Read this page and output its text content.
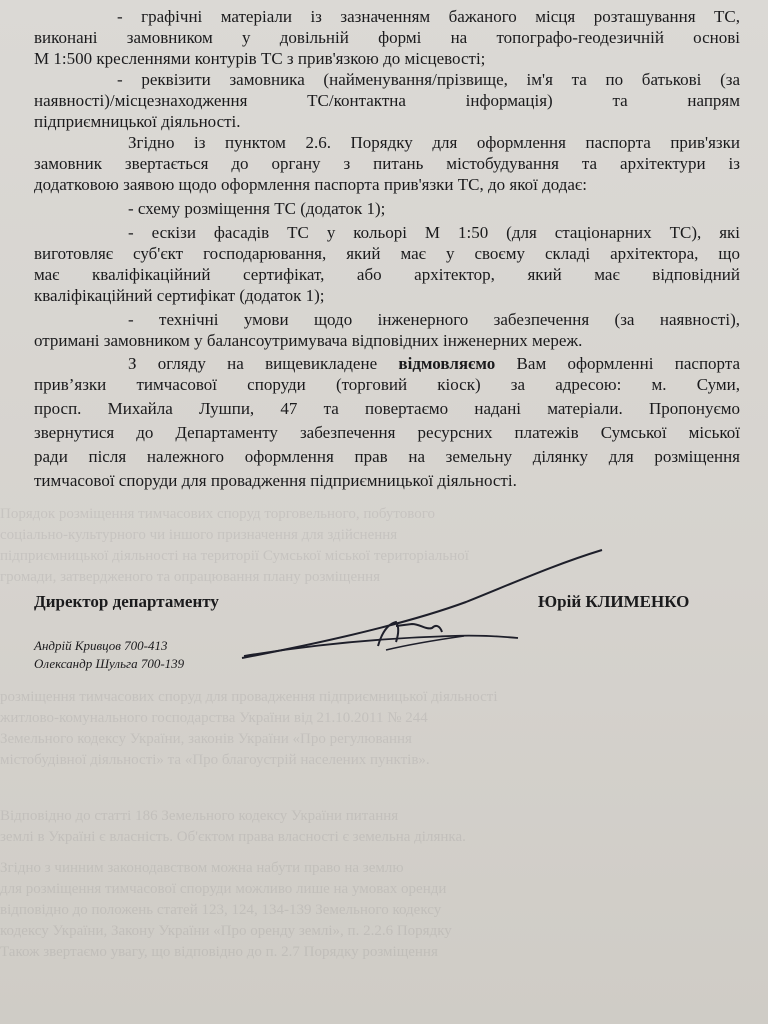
Порядок розміщення тимчасових споруд торговельного, побутового
соціально-культурного чи іншого призначення для здійснення
підприємницької діяльності на території Сумської міської територіальної
громади, затвердженого та опрацювання плану розміщення
розміщення тимчасових споруд для провадження підприємницької діяльності
житлово-комунального господарства України від 21.10.2011 № 244
Земельного кодексу України, законів України «Про регулювання
містобудівної діяльності» та «Про благоустрій населених пунктів».
Відповідно до статті 186 Земельного кодексу України питання
землі в Україні є власність. Об'єктом права власності є земельна ділянка.
Згідно з чинним законодавством можна набути право на землю
для розміщення тимчасової споруди можливо лише на умовах оренди
відповідно до положень статей 123, 124, 134-139 Земельного кодексу
кодексу України, Закону України «Про оренду землі», п. 2.2.6 Порядку
Також звертаємо увагу, що відповідно до п. 2.7 Порядку розміщення
- графічні матеріали із зазначенням бажаного місця розташування ТС,
виконані замовником у довільній формі на топографо-геодезичній основі
М 1:500 кресленнями контурів ТС з прив'язкою до місцевості;
- реквізити замовника (найменування/прізвище, ім'я та по батькові (за
наявності)/місцезнаходження ТС/контактна інформація) та напрям
підприємницької діяльності.
Згідно із пунктом 2.6. Порядку для оформлення паспорта прив'язки
замовник звертається до органу з питань містобудування та архітектури із
додатковою заявою щодо оформлення паспорта прив'язки ТС, до якої додає:
- схему розміщення ТС (додаток 1);
- ескізи фасадів ТС у кольорі М 1:50 (для стаціонарних ТС), які
виготовляє суб'єкт господарювання, який має у своєму складі архітектора, що
має кваліфікаційний сертифікат, або архітектор, який має відповідний
кваліфікаційний сертифікат (додаток 1);
- технічні умови щодо інженерного забезпечення (за наявності),
отримані замовником у балансоутримувача відповідних інженерних мереж.
З огляду на вищевикладене відмовляємо Вам оформленні паспорта
прив’язки тимчасової споруди (торговий кіоск) за адресою: м. Суми,
просп. Михайла Лушпи, 47 та повертаємо надані матеріали. Пропонуємо
звернутися до Департаменту забезпечення ресурсних платежів Сумської міської
ради після належного оформлення прав на земельну ділянку для розміщення
тимчасової споруди для провадження підприємницької діяльності.
Директор департаменту	Юрій КЛИМЕНКО
Андрій Кривцов 700-413
Олександр Шульга 700-139
